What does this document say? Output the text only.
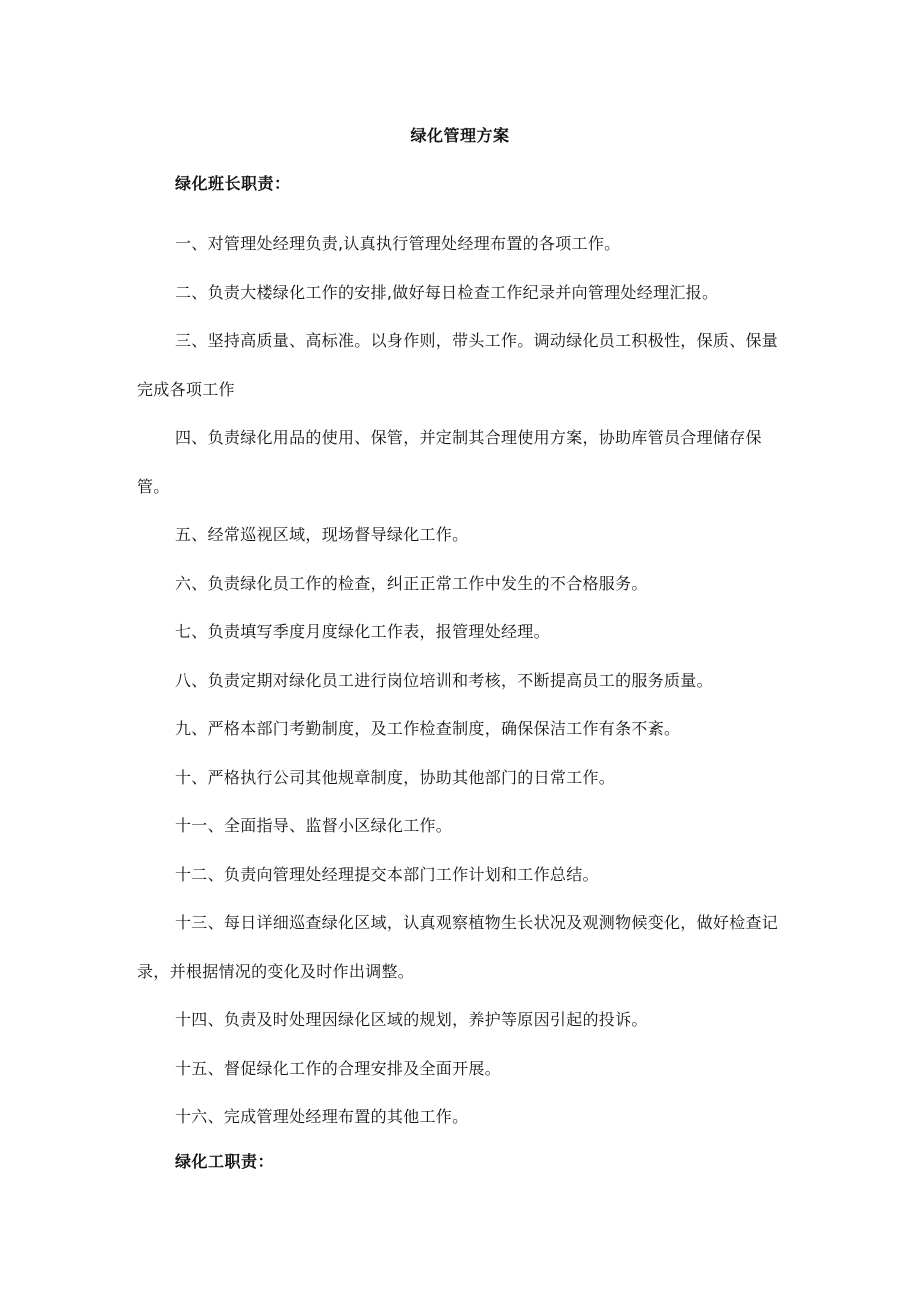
绿化管理方案
绿化班长职责：
一、对管理处经理负责,认真执行管理处经理布置的各项工作。
二、负责大楼绿化工作的安排,做好每日检查工作纪录并向管理处经理汇报。
三、坚持高质量、高标准。以身作则，带头工作。调动绿化员工积极性，保质、保量完成各项工作
四、负责绿化用品的使用、保管，并定制其合理使用方案，协助库管员合理储存保管。
五、经常巡视区域，现场督导绿化工作。
六、负责绿化员工作的检查，纠正正常工作中发生的不合格服务。
七、负责填写季度月度绿化工作表，报管理处经理。
八、负责定期对绿化员工进行岗位培训和考核，不断提高员工的服务质量。
九、严格本部门考勤制度，及工作检查制度，确保保洁工作有条不紊。
十、严格执行公司其他规章制度，协助其他部门的日常工作。
十一、全面指导、监督小区绿化工作。
十二、负责向管理处经理提交本部门工作计划和工作总结。
十三、每日详细巡查绿化区域，认真观察植物生长状况及观测物候变化，做好检查记录，并根据情况的变化及时作出调整。
十四、负责及时处理因绿化区域的规划，养护等原因引起的投诉。
十五、督促绿化工作的合理安排及全面开展。
十六、完成管理处经理布置的其他工作。
绿化工职责：
